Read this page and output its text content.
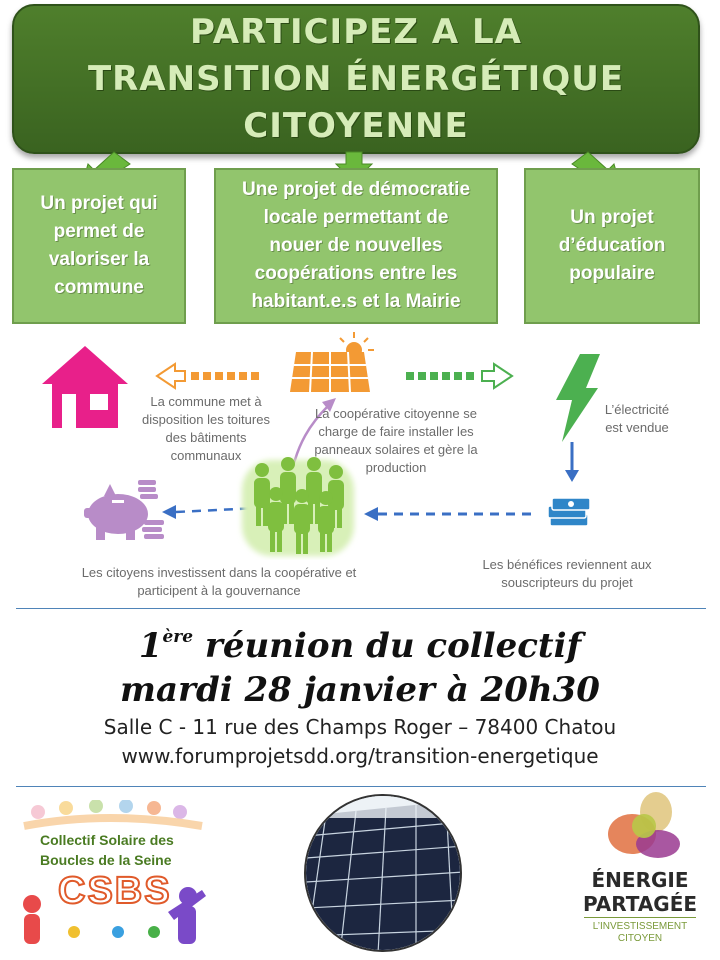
PARTICIPEZ A LA
TRANSITION ÉNERGÉTIQUE
CITOYENNE
Un projet qui
permet de
valoriser la
commune
Une projet de démocratie
locale permettant de
nouer de nouvelles
coopérations entre les
habitant.e.s et la Mairie
Un projet
d’éducation
populaire
La commune met à
disposition les toitures
des bâtiments
communaux
La coopérative citoyenne se
charge de faire installer les
panneaux solaires et gère la
production
L’électricité
est vendue
Les citoyens investissent dans la coopérative et
participent à la gouvernance
Les bénéfices reviennent aux
souscripteurs du projet
1ère réunion du collectif
mardi 28 janvier à 20h30
Salle C - 11 rue des Champs Roger – 78400 Chatou
www.forumprojetsdd.org/transition-energetique
Collectif Solaire des
Boucles de la Seine
CSBS	ÉNERGIE
PARTAGÉE
L’INVESTISSEMENT
CITOYEN
